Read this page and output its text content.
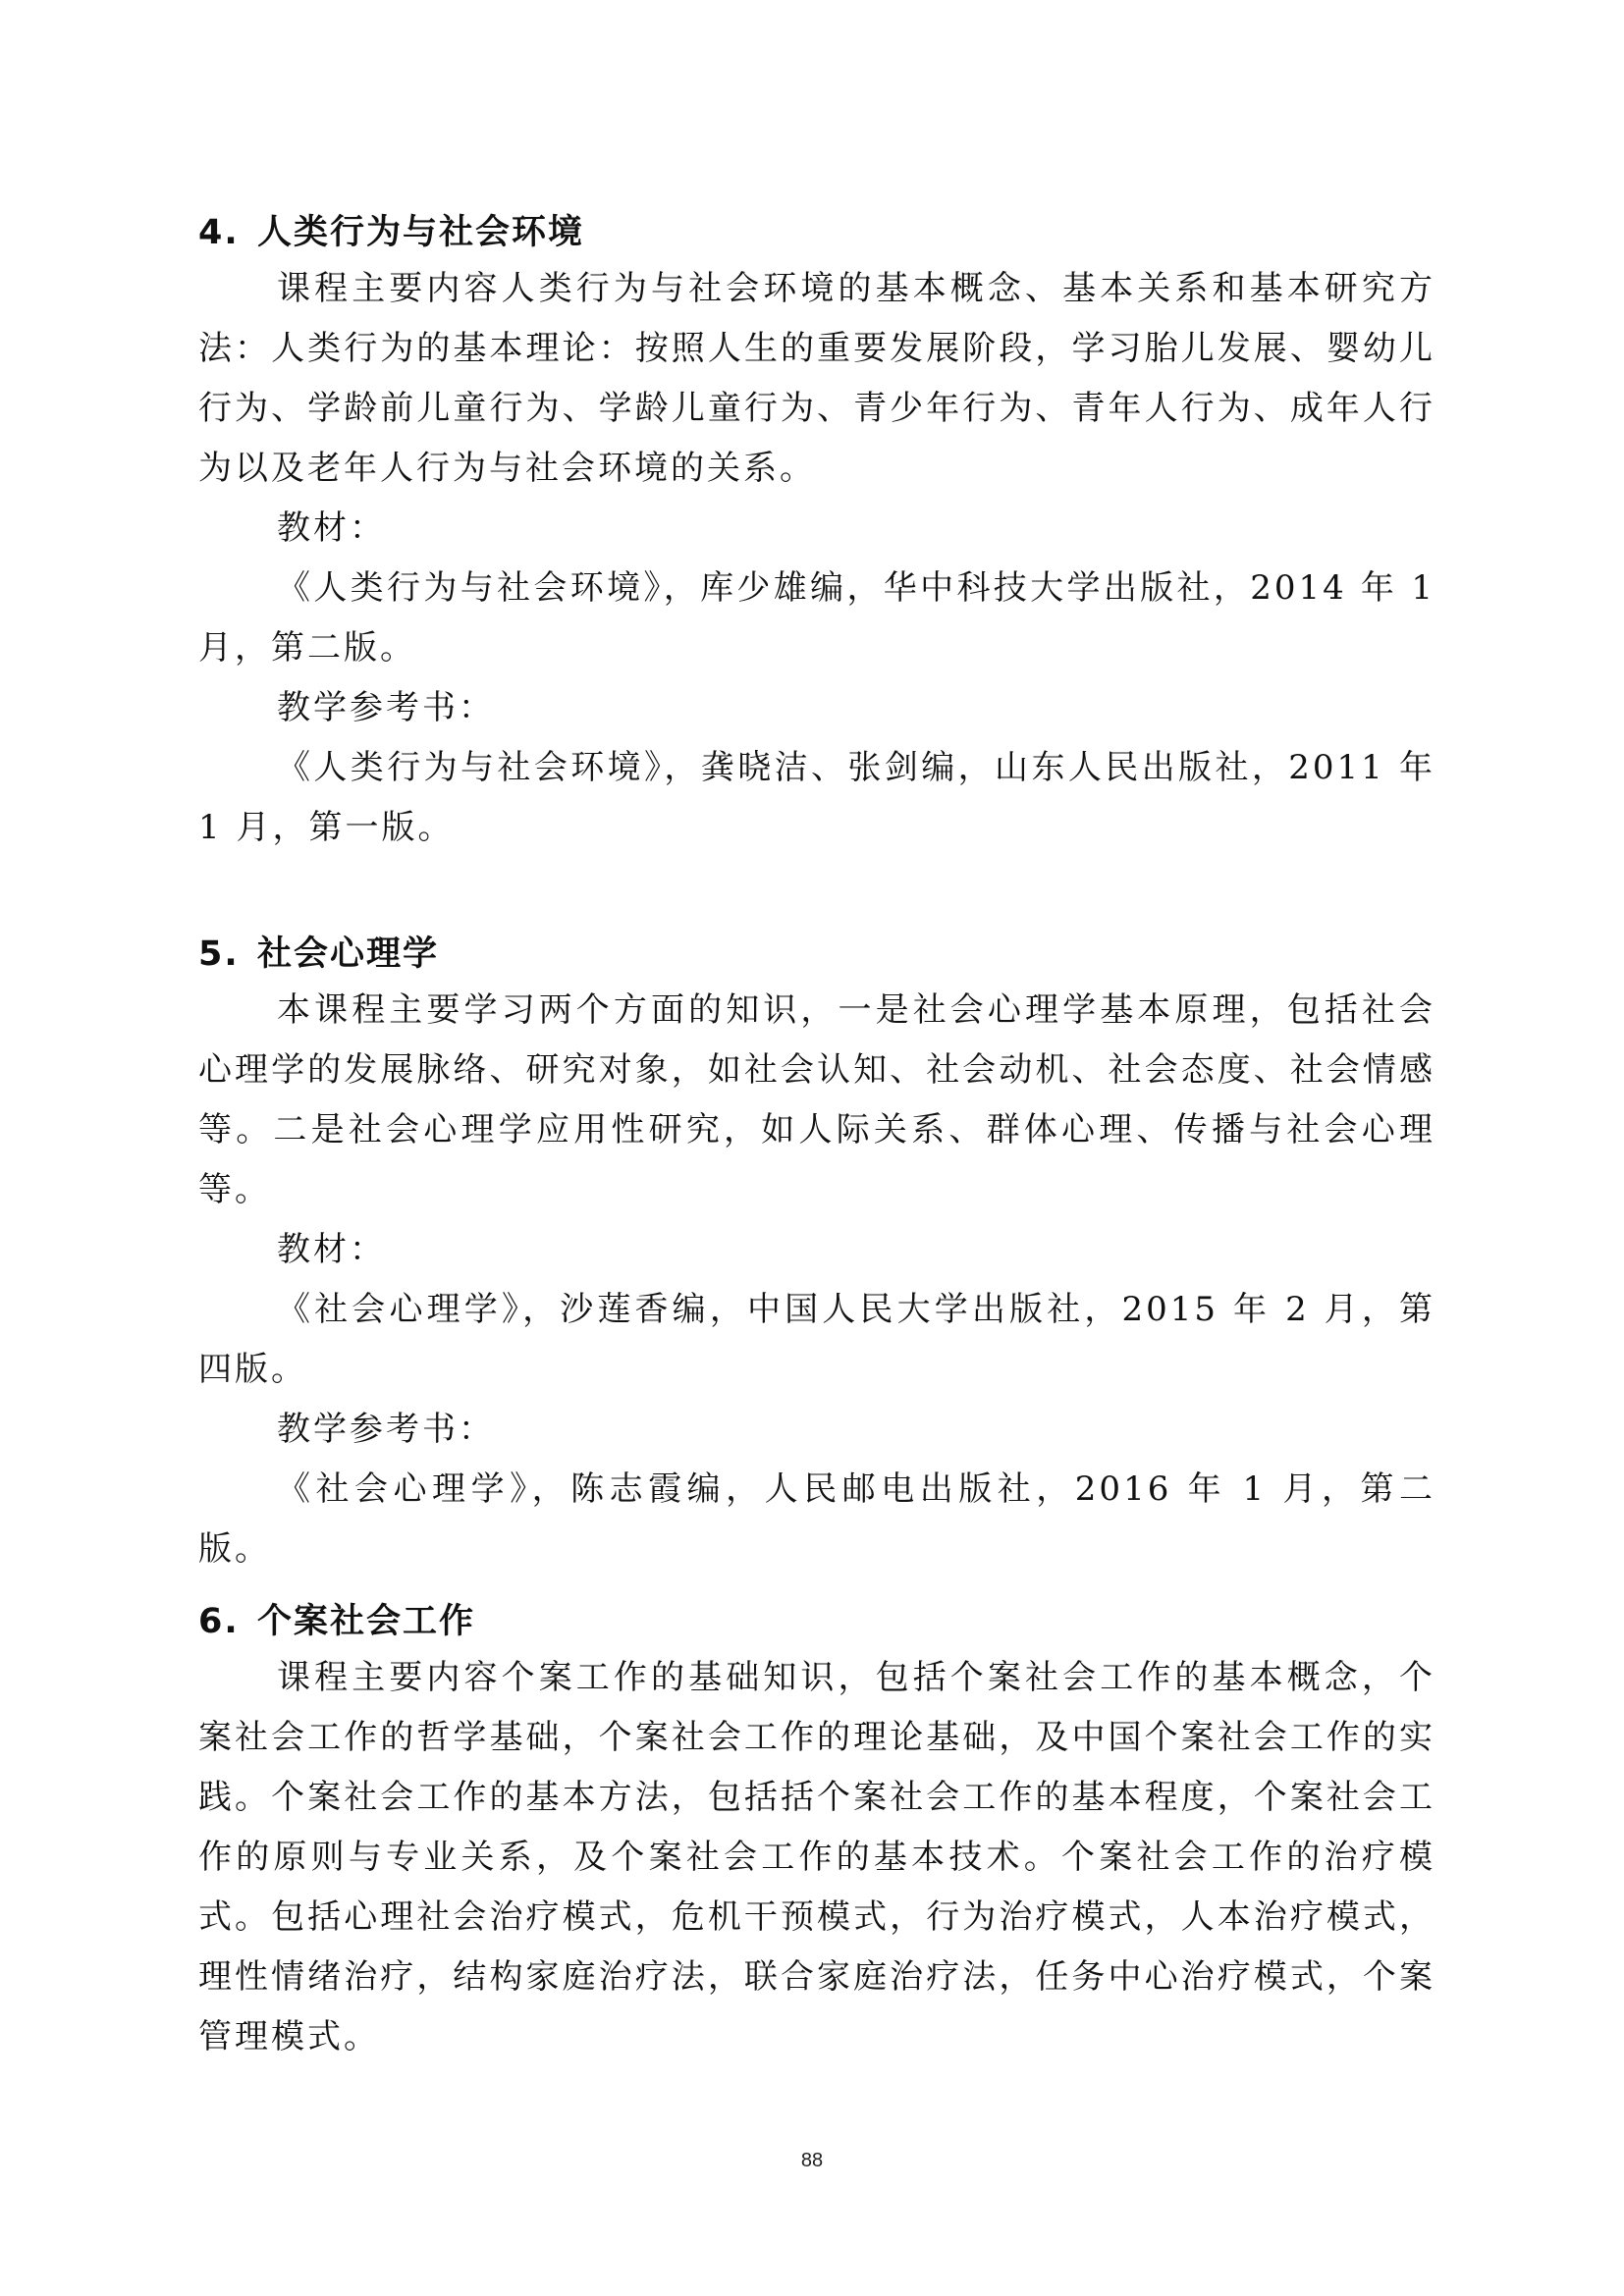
4. 人类行为与社会环境

课程主要内容人类行为与社会环境的基本概念、基本关系和基本研究方法：人类行为的基本理论：按照人生的重要发展阶段，学习胎儿发展、婴幼儿行为、学龄前儿童行为、学龄儿童行为、青少年行为、青年人行为、成年人行为以及老年人行为与社会环境的关系。

教材：

《人类行为与社会环境》，库少雄编，华中科技大学出版社，2014 年 1 月，第二版。

教学参考书：

《人类行为与社会环境》，龚晓洁、张剑编，山东人民出版社，2011 年 1 月，第一版。

5. 社会心理学

本课程主要学习两个方面的知识，一是社会心理学基本原理，包括社会心理学的发展脉络、研究对象，如社会认知、社会动机、社会态度、社会情感等。二是社会心理学应用性研究，如人际关系、群体心理、传播与社会心理等。

教材：

《社会心理学》，沙莲香编，中国人民大学出版社，2015 年 2 月，第四版。

教学参考书：

《社会心理学》，陈志霞编，人民邮电出版社，2016 年 1 月，第二版。

6. 个案社会工作

课程主要内容个案工作的基础知识，包括个案社会工作的基本概念，个案社会工作的哲学基础，个案社会工作的理论基础，及中国个案社会工作的实践。个案社会工作的基本方法，包括括个案社会工作的基本程度，个案社会工作的原则与专业关系，及个案社会工作的基本技术。个案社会工作的治疗模式。包括心理社会治疗模式，危机干预模式，行为治疗模式，人本治疗模式，理性情绪治疗，结构家庭治疗法，联合家庭治疗法，任务中心治疗模式，个案管理模式。

88
